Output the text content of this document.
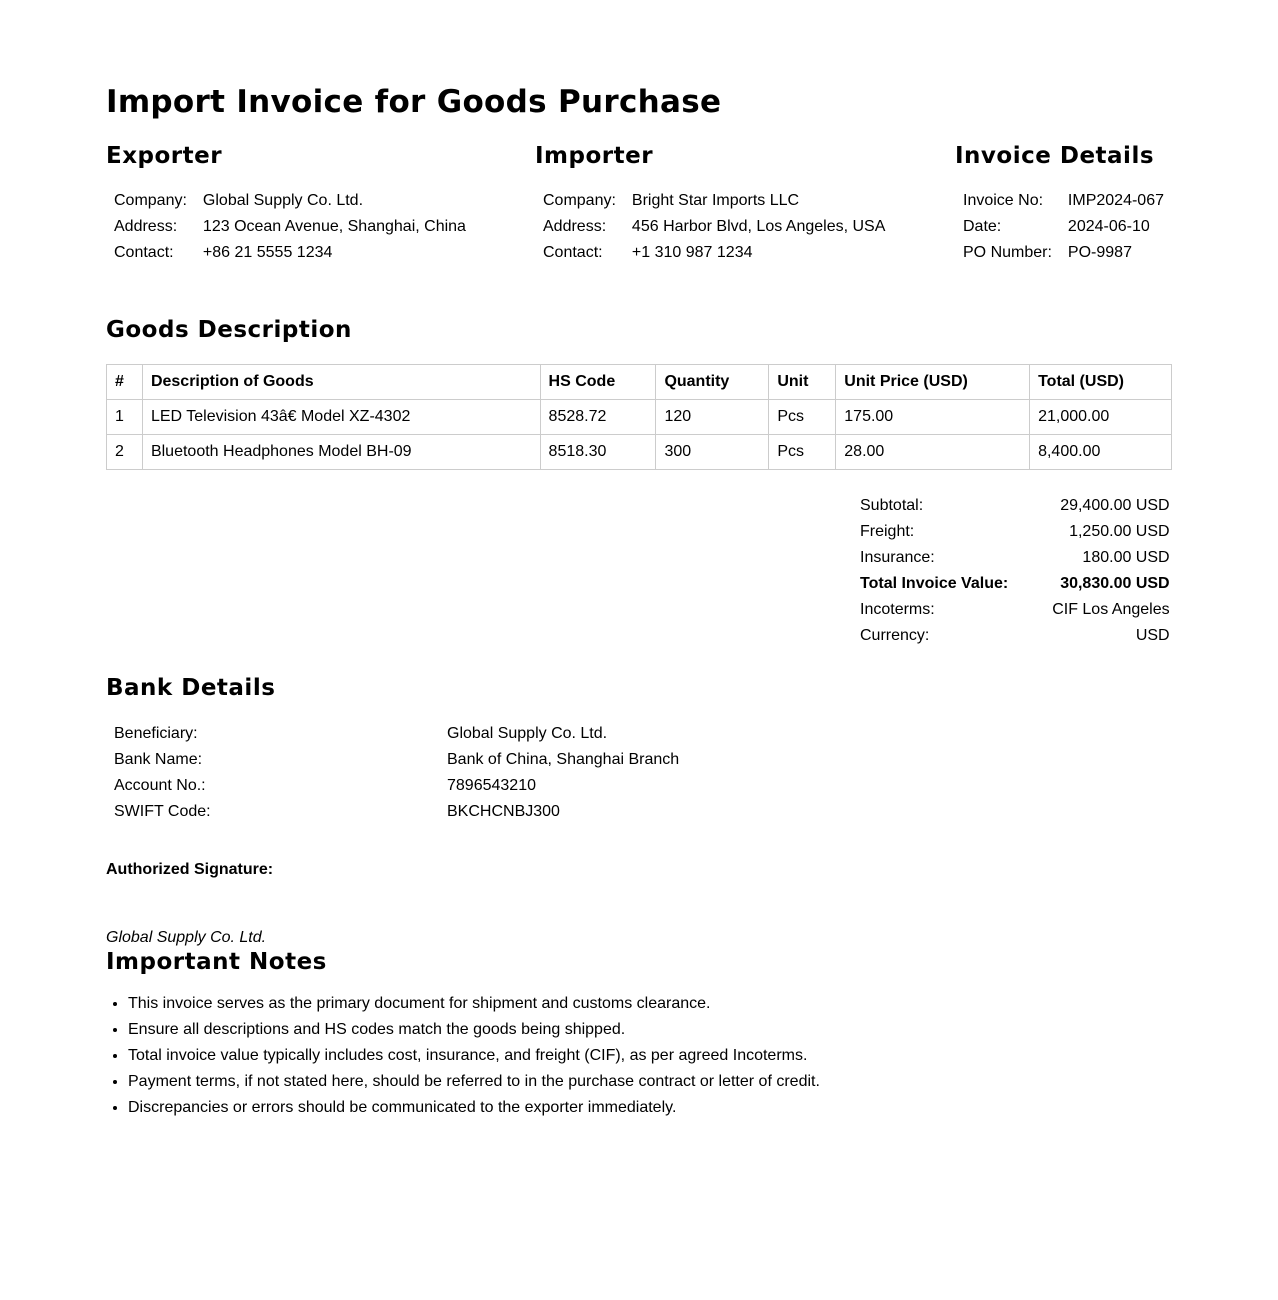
Import Invoice for Goods Purchase
Exporter
Company:	Global Supply Co. Ltd.
Address:	123 Ocean Avenue, Shanghai, China
Contact:	+86 21 5555 1234
Importer
Company:	Bright Star Imports LLC
Address:	456 Harbor Blvd, Los Angeles, USA
Contact:	+1 310 987 1234
Invoice Details
Invoice No:	IMP2024-067
Date:	2024-06-10
PO Number:	PO-9987
Goods Description
#	Description of Goods	HS Code	Quantity	Unit	Unit Price (USD)	Total (USD)
1	LED Television 43â€ Model XZ-4302	8528.72	120	Pcs	175.00	21,000.00
2	Bluetooth Headphones Model BH-09	8518.30	300	Pcs	28.00	8,400.00
Subtotal:	29,400.00 USD
Freight:	1,250.00 USD
Insurance:	180.00 USD
Total Invoice Value:	30,830.00 USD
Incoterms:	CIF Los Angeles
Currency:	USD
Bank Details
Beneficiary:	Global Supply Co. Ltd.
Bank Name:	Bank of China, Shanghai Branch
Account No.:	7896543210
SWIFT Code:	BKCHCNBJ300
Authorized Signature:
Global Supply Co. Ltd.
Important Notes
• This invoice serves as the primary document for shipment and customs clearance.
• Ensure all descriptions and HS codes match the goods being shipped.
• Total invoice value typically includes cost, insurance, and freight (CIF), as per agreed Incoterms.
• Payment terms, if not stated here, should be referred to in the purchase contract or letter of credit.
• Discrepancies or errors should be communicated to the exporter immediately.
